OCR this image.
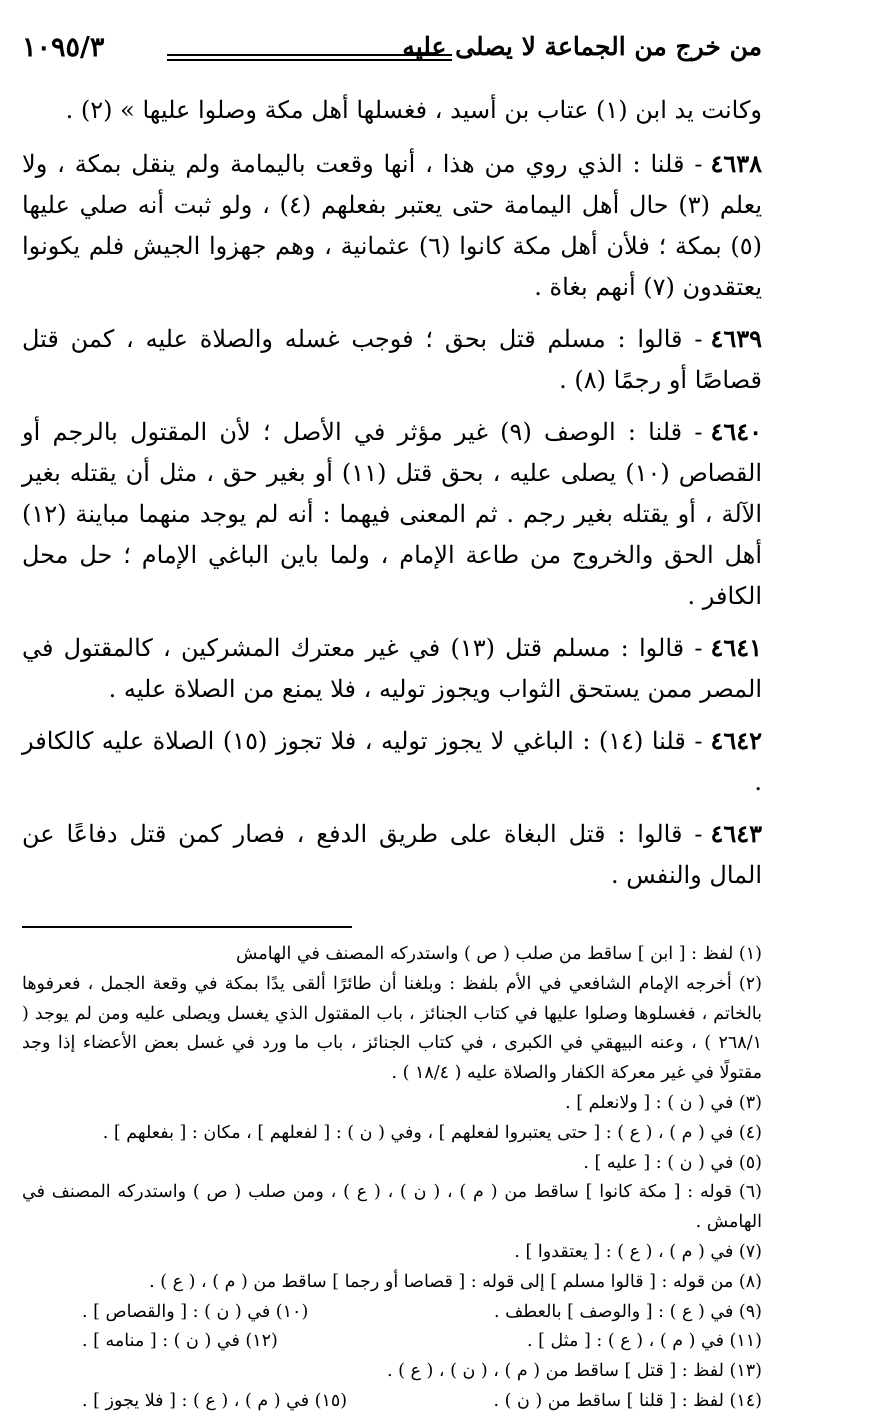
من خرج من الجماعة لا يصلى عليه
١٠٩٥/٣

وكانت يد ابن (١) عتاب بن أسيد ، فغسلها أهل مكة وصلوا عليها » (٢) .

٤٦٣٨- قلنا : الذي روي من هذا ، أنها وقعت باليمامة ولم ينقل بمكة ، ولا يعلم (٣) حال أهل اليمامة حتى يعتبر بفعلهم (٤) ، ولو ثبت أنه صلي عليها (٥) بمكة ؛ فلأن أهل مكة كانوا (٦) عثمانية ، وهم جهزوا الجيش فلم يكونوا يعتقدون (٧) أنهم بغاة .

٤٦٣٩- قالوا : مسلم قتل بحق ؛ فوجب غسله والصلاة عليه ، كمن قتل قصاصًا أو رجمًا (٨) .

٤٦٤٠- قلنا : الوصف (٩) غير مؤثر في الأصل ؛ لأن المقتول بالرجم أو القصاص (١٠) يصلى عليه ، بحق قتل (١١) أو بغير حق ، مثل أن يقتله بغير الآلة ، أو يقتله بغير رجم . ثم المعنى فيهما : أنه لم يوجد منهما مباينة (١٢) أهل الحق والخروج من طاعة الإمام ، ولما باين الباغي الإمام ؛ حل محل الكافر .

٤٦٤١- قالوا : مسلم قتل (١٣) في غير معترك المشركين ، كالمقتول في المصر ممن يستحق الثواب ويجوز توليه ، فلا يمنع من الصلاة عليه .

٤٦٤٢- قلنا (١٤) : الباغي لا يجوز توليه ، فلا تجوز (١٥) الصلاة عليه كالكافر .

٤٦٤٣- قالوا : قتل البغاة على طريق الدفع ، فصار كمن قتل دفاعًا عن المال والنفس .

(١) لفظ : [ ابن ] ساقط من صلب ( ص ) واستدركه المصنف في الهامش

(٢) أخرجه الإمام الشافعي في الأم بلفظ : وبلغنا أن طائرًا ألقى يدًا بمكة في وقعة الجمل ، فعرفوها بالخاتم ، فغسلوها وصلوا عليها في كتاب الجنائز ، باب المقتول الذي يغسل ويصلى عليه ومن لم يوجد ( ٢٦٨/١ ) ، وعنه البيهقي في الكبرى ، في كتاب الجنائز ، باب ما ورد في غسل بعض الأعضاء إذا وجد مقتولًا في غير معركة الكفار والصلاة عليه ( ١٨/٤ ) .

(٣) في ( ن ) : [ ولانعلم ] .

(٤) في ( م ) ، ( ع ) : [ حتى يعتبروا لفعلهم ] ، وفي ( ن ) : [ لفعلهم ] ، مكان : [ بفعلهم ] .

(٥) في ( ن ) : [ عليه ] .

(٦) قوله : [ مكة كانوا ] ساقط من ( م ) ، ( ن ) ، ( ع ) ، ومن صلب ( ص ) واستدركه المصنف في الهامش .

(٧) في ( م ) ، ( ع ) : [ يعتقدوا ] .

(٨) من قوله : [ قالوا مسلم ] إلى قوله : [ قصاصا أو رجما ] ساقط من ( م ) ، ( ع ) .

(٩) في ( ع ) : [ والوصف ] بالعطف .
(١٠) في ( ن ) : [ والقصاص ] .
(١١) في ( م ) ، ( ع ) : [ مثل ] .
(١٢) في ( ن ) : [ منامه ] .

(١٣) لفظ : [ قتل ] ساقط من ( م ) ، ( ن ) ، ( ع ) .

(١٤) لفظ : [ قلنا ] ساقط من ( ن ) .
(١٥) في ( م ) ، ( ع ) : [ فلا يجوز ] .
